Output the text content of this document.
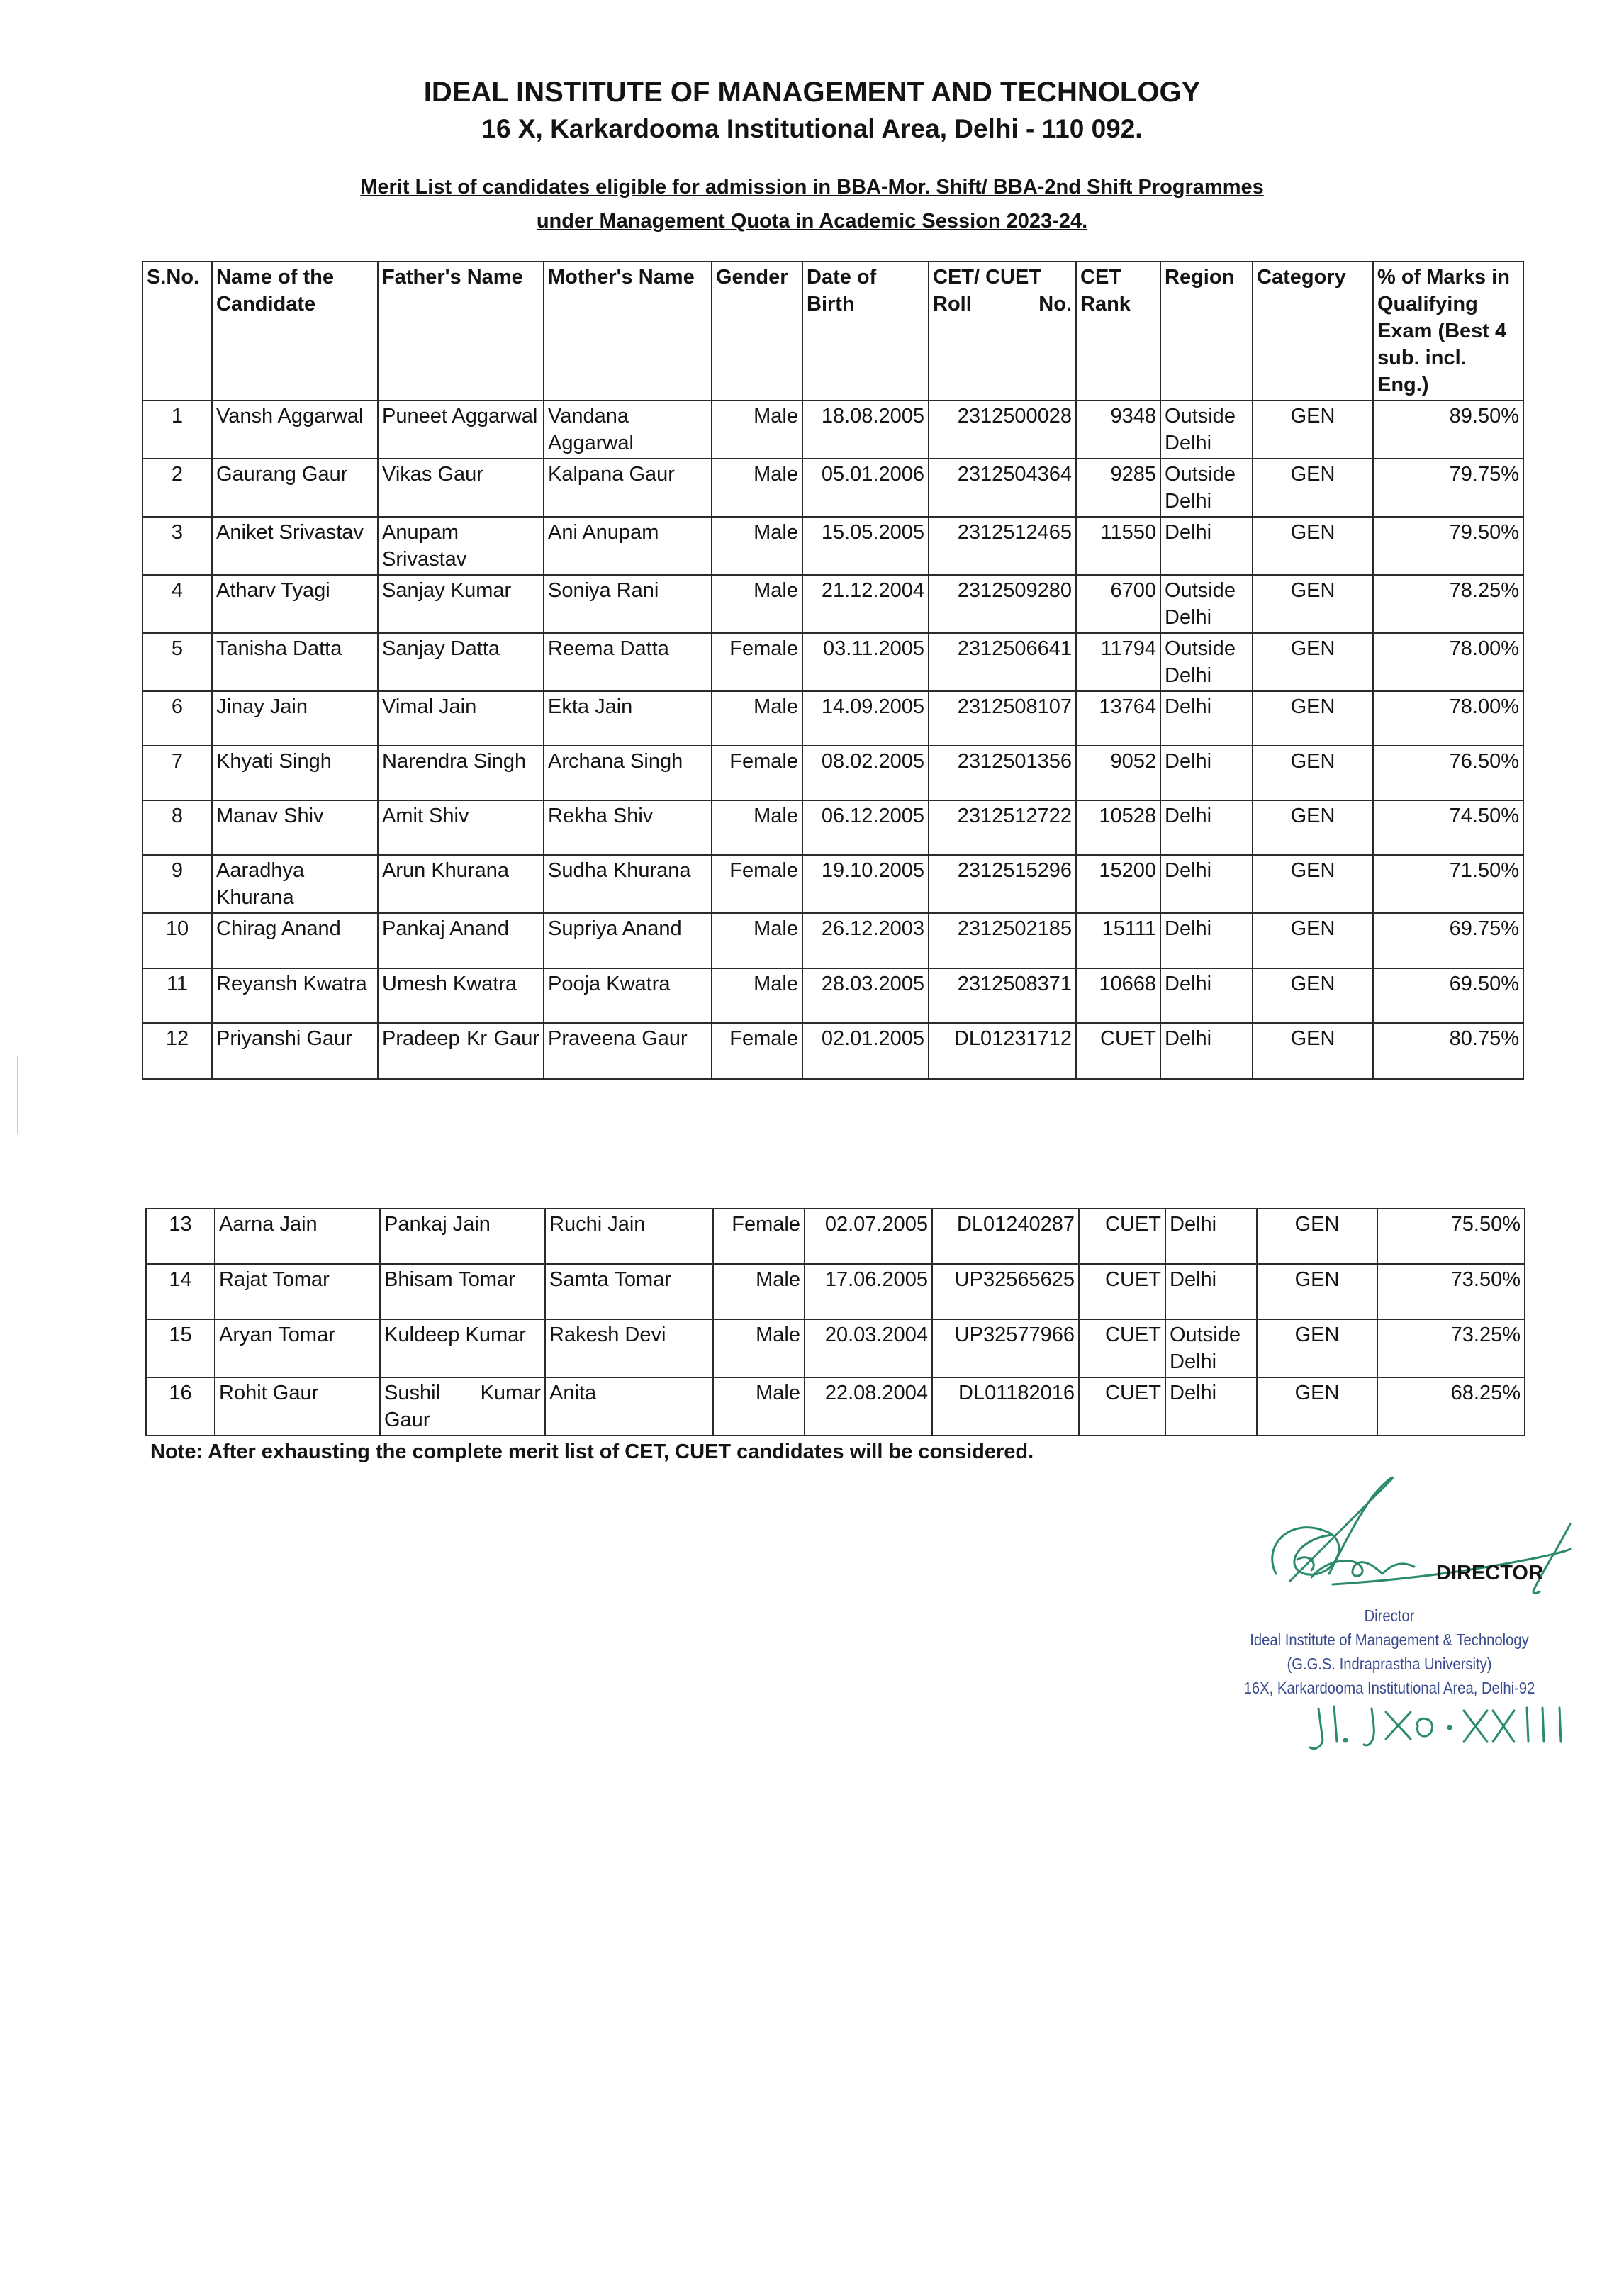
IDEAL INSTITUTE OF MANAGEMENT AND TECHNOLOGY
16 X, Karkardooma Institutional Area, Delhi - 110 092.
Merit List of candidates eligible for admission in BBA-Mor. Shift/ BBA-2nd Shift Programmes
under Management Quota in Academic Session 2023-24.
S.No.	Name of the Candidate	Father's Name	Mother's Name	Gender	Date of Birth	CET/ CUET Roll No.	CET Rank	Region	Category	% of Marks in Qualifying Exam (Best 4 sub. incl. Eng.)
1	Vansh Aggarwal	Puneet Aggarwal	Vandana Aggarwal	Male	18.08.2005	2312500028	9348	Outside Delhi	GEN	89.50%
2	Gaurang Gaur	Vikas Gaur	Kalpana Gaur	Male	05.01.2006	2312504364	9285	Outside Delhi	GEN	79.75%
3	Aniket Srivastav	Anupam Srivastav	Ani Anupam	Male	15.05.2005	2312512465	11550	Delhi	GEN	79.50%
4	Atharv Tyagi	Sanjay Kumar	Soniya Rani	Male	21.12.2004	2312509280	6700	Outside Delhi	GEN	78.25%
5	Tanisha Datta	Sanjay Datta	Reema Datta	Female	03.11.2005	2312506641	11794	Outside Delhi	GEN	78.00%
6	Jinay Jain	Vimal Jain	Ekta Jain	Male	14.09.2005	2312508107	13764	Delhi	GEN	78.00%
7	Khyati Singh	Narendra Singh	Archana Singh	Female	08.02.2005	2312501356	9052	Delhi	GEN	76.50%
8	Manav Shiv	Amit Shiv	Rekha Shiv	Male	06.12.2005	2312512722	10528	Delhi	GEN	74.50%
9	Aaradhya Khurana	Arun Khurana	Sudha Khurana	Female	19.10.2005	2312515296	15200	Delhi	GEN	71.50%
10	Chirag Anand	Pankaj Anand	Supriya Anand	Male	26.12.2003	2312502185	15111	Delhi	GEN	69.75%
11	Reyansh Kwatra	Umesh Kwatra	Pooja Kwatra	Male	28.03.2005	2312508371	10668	Delhi	GEN	69.50%
12	Priyanshi Gaur	Pradeep Kr Gaur	Praveena Gaur	Female	02.01.2005	DL01231712	CUET	Delhi	GEN	80.75%
13	Aarna Jain	Pankaj Jain	Ruchi Jain	Female	02.07.2005	DL01240287	CUET	Delhi	GEN	75.50%
14	Rajat Tomar	Bhisam Tomar	Samta Tomar	Male	17.06.2005	UP32565625	CUET	Delhi	GEN	73.50%
15	Aryan Tomar	Kuldeep Kumar	Rakesh Devi	Male	20.03.2004	UP32577966	CUET	Outside Delhi	GEN	73.25%
16	Rohit Gaur	Sushil Kumar Gaur	Anita	Male	22.08.2004	DL01182016	CUET	Delhi	GEN	68.25%
Note: After exhausting the complete merit list of CET, CUET candidates will be considered.
DIRECTOR
Director
Ideal Institute of Management & Technology
(G.G.S. Indraprastha University)
16X, Karkardooma Institutional Area, Delhi-92
